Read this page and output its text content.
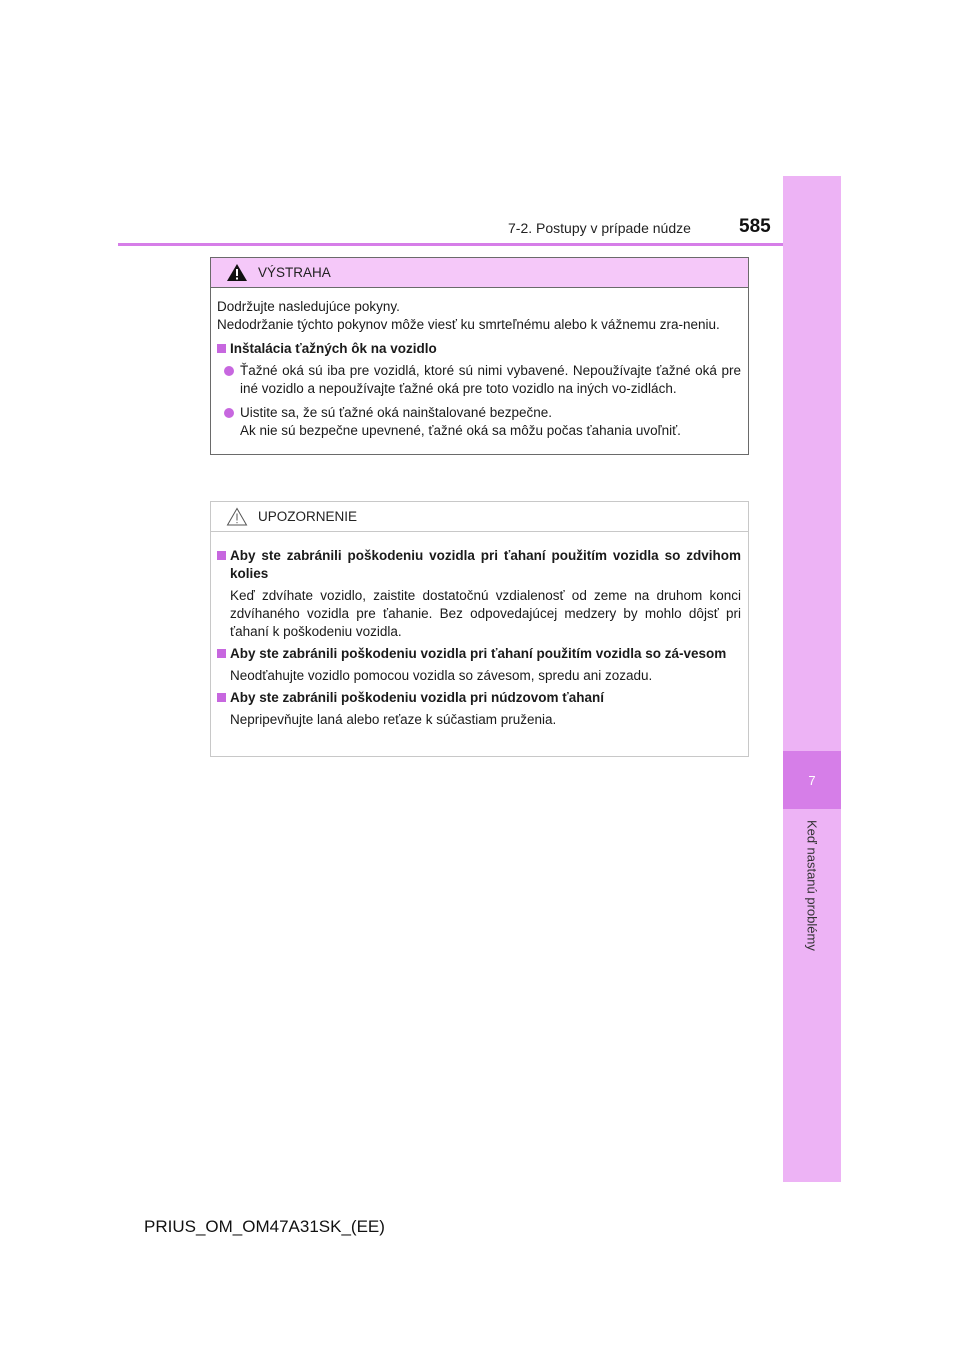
7
Keď nastanú problémy
7-2. Postupy v prípade núdze	585
VÝSTRAHA

Dodržujte nasledujúce pokyny.
Nedodržanie týchto pokynov môže viesť ku smrteľnému alebo k vážnemu zra-neniu.

Inštalácia ťažných ôk na vozidlo
Ťažné oká sú iba pre vozidlá, ktoré sú nimi vybavené. Nepoužívajte ťažné oká pre iné vozidlo a nepoužívajte ťažné oká pre toto vozidlo na iných vo-zidlách.
Uistite sa, že sú ťažné oká nainštalované bezpečne.
Ak nie sú bezpečne upevnené, ťažné oká sa môžu počas ťahania uvoľniť.
UPOZORNENIE
Aby ste zabránili poškodeniu vozidla pri ťahaní použitím vozidla so zdvihom kolies

Keď zdvíhate vozidlo, zaistite dostatočnú vzdialenosť od zeme na druhom konci zdvíhaného vozidla pre ťahanie. Bez odpovedajúcej medzery by mohlo dôjsť pri ťahaní k poškodeniu vozidla.

Aby ste zabránili poškodeniu vozidla pri ťahaní použitím vozidla so zá-vesom

Neodťahujte vozidlo pomocou vozidla so závesom, spredu ani zozadu.

Aby ste zabránili poškodeniu vozidla pri núdzovom ťahaní

Nepripevňujte laná alebo reťaze k súčastiam pruženia.

PRIUS_OM_OM47A31SK_(EE)
